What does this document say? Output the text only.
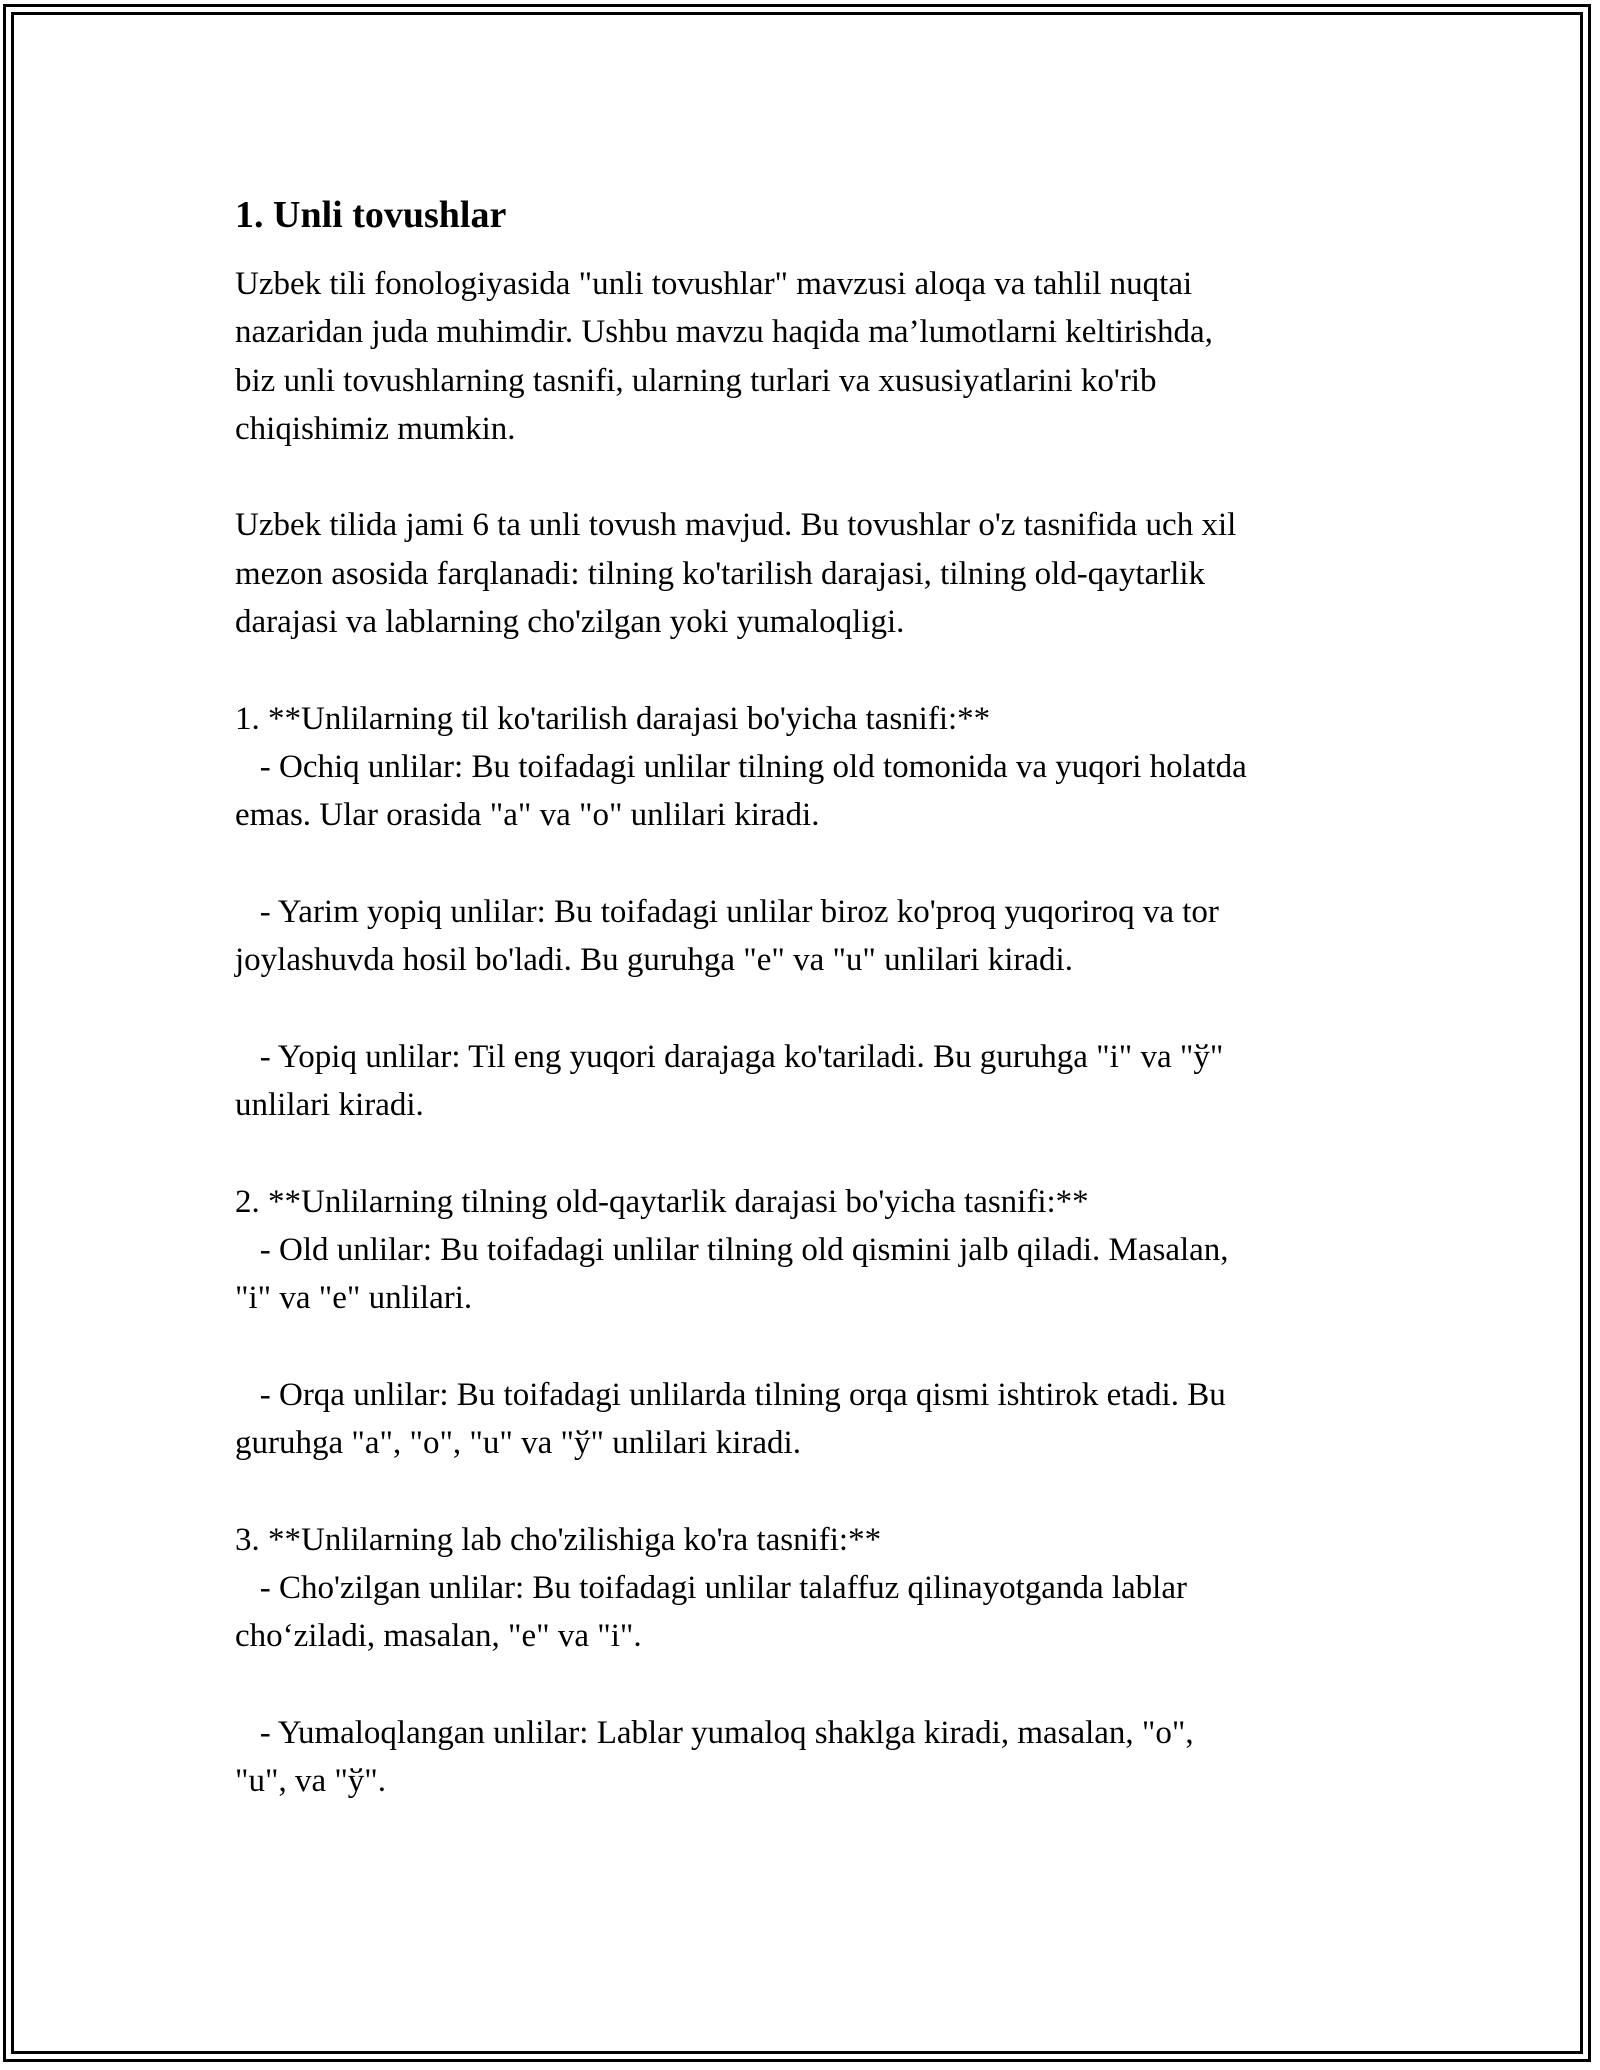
1. Unli tovushlar
Uzbek tili fonologiyasida "unli tovushlar" mavzusi aloqa va tahlil nuqtai
nazaridan juda muhimdir. Ushbu mavzu haqida ma’lumotlarni keltirishda,
biz unli tovushlarning tasnifi, ularning turlari va xususiyatlarini ko'rib
chiqishimiz mumkin.
Uzbek tilida jami 6 ta unli tovush mavjud. Bu tovushlar o'z tasnifida uch xil
mezon asosida farqlanadi: tilning ko'tarilish darajasi, tilning old-qaytarlik
darajasi va lablarning cho'zilgan yoki yumaloqligi.
1. **Unlilarning til ko'tarilish darajasi bo'yicha tasnifi:**
- Ochiq unlilar: Bu toifadagi unlilar tilning old tomonida va yuqori holatda
emas. Ular orasida "a" va "o" unlilari kiradi.
- Yarim yopiq unlilar: Bu toifadagi unlilar biroz ko'proq yuqoriroq va tor
joylashuvda hosil bo'ladi. Bu guruhga "e" va "u" unlilari kiradi.
- Yopiq unlilar: Til eng yuqori darajaga ko'tariladi. Bu guruhga "i" va "ў"
unlilari kiradi.
2. **Unlilarning tilning old-qaytarlik darajasi bo'yicha tasnifi:**
- Old unlilar: Bu toifadagi unlilar tilning old qismini jalb qiladi. Masalan,
"i" va "e" unlilari.
- Orqa unlilar: Bu toifadagi unlilarda tilning orqa qismi ishtirok etadi. Bu
guruhga "a", "o", "u" va "ў" unlilari kiradi.
3. **Unlilarning lab cho'zilishiga ko'ra tasnifi:**
- Cho'zilgan unlilar: Bu toifadagi unlilar talaffuz qilinayotganda lablar
cho‘ziladi, masalan, "e" va "i".
- Yumaloqlangan unlilar: Lablar yumaloq shaklga kiradi, masalan, "o",
"u", va "ў".
